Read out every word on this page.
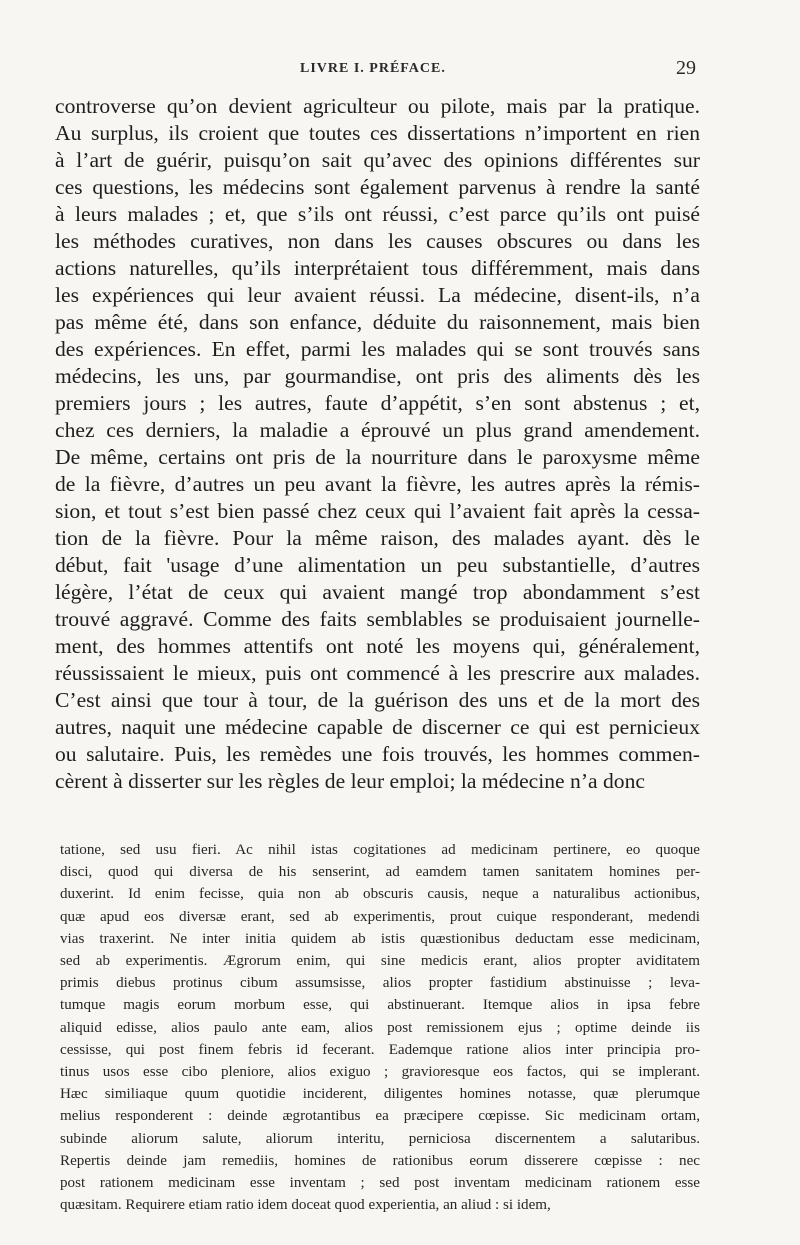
LIVRE I. PRÉFACE.	29
controverse qu’on devient agriculteur ou pilote, mais par la pratique.
Au surplus, ils croient que toutes ces dissertations n’importent en rien
à l’art de guérir, puisqu’on sait qu’avec des opinions différentes sur
ces questions, les médecins sont également parvenus à rendre la santé
à leurs malades ; et, que s’ils ont réussi, c’est parce qu’ils ont puisé
les méthodes curatives, non dans les causes obscures ou dans les
actions naturelles, qu’ils interprétaient tous différemment, mais dans
les expériences qui leur avaient réussi. La médecine, disent-ils, n’a
pas même été, dans son enfance, déduite du raisonnement, mais bien
des expériences. En effet, parmi les malades qui se sont trouvés sans
médecins, les uns, par gourmandise, ont pris des aliments dès les
premiers jours ; les autres, faute d’appétit, s’en sont abstenus ; et,
chez ces derniers, la maladie a éprouvé un plus grand amendement.
De même, certains ont pris de la nourriture dans le paroxysme même
de la fièvre, d’autres un peu avant la fièvre, les autres après la rémis-
sion, et tout s’est bien passé chez ceux qui l’avaient fait après la cessa-
tion de la fièvre. Pour la même raison, des malades ayant. dès le
début, fait 'usage d’une alimentation un peu substantielle, d’autres
légère, l’état de ceux qui avaient mangé trop abondamment s’est
trouvé aggravé. Comme des faits semblables se produisaient journelle-
ment, des hommes attentifs ont noté les moyens qui, généralement,
réussissaient le mieux, puis ont commencé à les prescrire aux malades.
C’est ainsi que tour à tour, de la guérison des uns et de la mort des
autres, naquit une médecine capable de discerner ce qui est pernicieux
ou salutaire. Puis, les remèdes une fois trouvés, les hommes commen-
cèrent à disserter sur les règles de leur emploi; la médecine n’a donc
tatione, sed usu fieri. Ac nihil istas cogitationes ad medicinam pertinere, eo quoque
disci, quod qui diversa de his senserint, ad eamdem tamen sanitatem homines per-
duxerint. Id enim fecisse, quia non ab obscuris causis, neque a naturalibus actionibus,
quæ apud eos diversæ erant, sed ab experimentis, prout cuique responderant, medendi
vias traxerint. Ne inter initia quidem ab istis quæstionibus deductam esse medicinam,
sed ab experimentis. Ægrorum enim, qui sine medicis erant, alios propter aviditatem
primis diebus protinus cibum assumsisse, alios propter fastidium abstinuisse ; leva-
tumque magis eorum morbum esse, qui abstinuerant. Itemque alios in ipsa febre
aliquid edisse, alios paulo ante eam, alios post remissionem ejus ; optime deinde iis
cessisse, qui post finem febris id fecerant. Eademque ratione alios inter principia pro-
tinus usos esse cibo pleniore, alios exiguo ; gravioresque eos factos, qui se implerant.
Hæc similiaque quum quotidie inciderent, diligentes homines notasse, quæ plerumque
melius responderent : deinde ægrotantibus ea præcipere cœpisse. Sic medicinam ortam,
subinde aliorum salute, aliorum interitu, perniciosa discernentem a salutaribus.
Repertis deinde jam remediis, homines de rationibus eorum disserere cœpisse : nec
post rationem medicinam esse inventam ; sed post inventam medicinam rationem esse
quæsitam. Requirere etiam ratio idem doceat quod experientia, an aliud : si idem,
